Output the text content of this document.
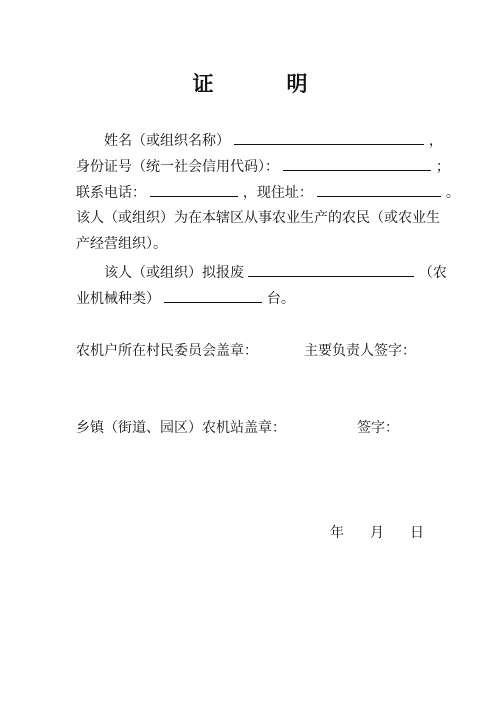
证　明
姓名（或组织名称）	，
身份证号（统一社会信用代码）：	；
联系电话：	，现住址：	。
该人（或组织）为在本辖区从事农业生产的农民（或农业生
产经营组织）。
该人（或组织）拟报废	（农
业机械种类）	台。
农机户所在村民委员会盖章：	主要负责人签字：
乡镇（街道、园区）农机站盖章：	签字：
年 月 日
